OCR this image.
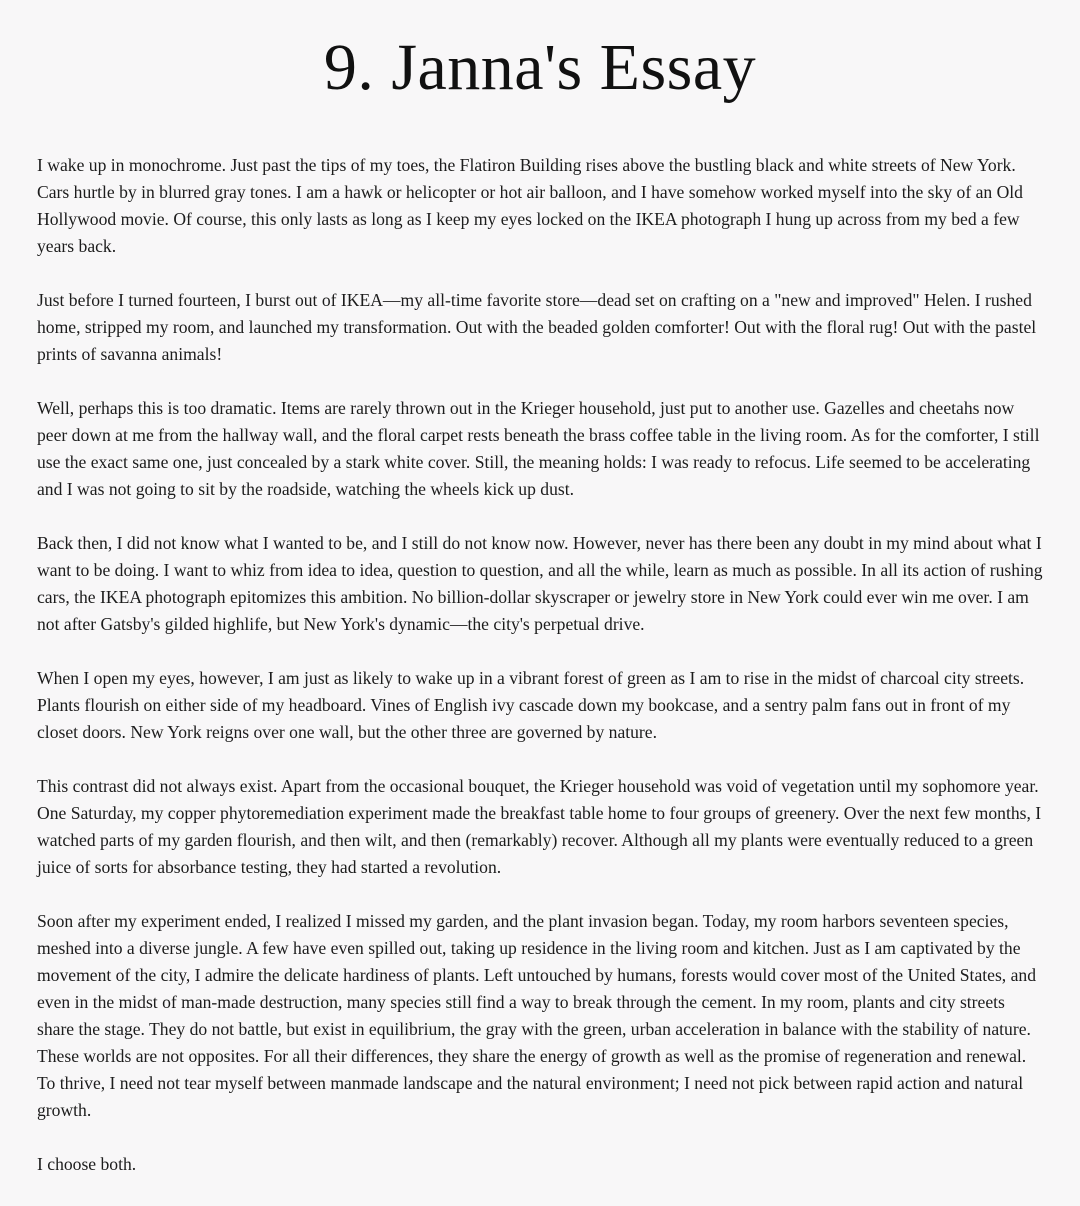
9. Janna's Essay

I wake up in monochrome. Just past the tips of my toes, the Flatiron Building rises above the bustling black and white streets of New York. Cars hurtle by in blurred gray tones. I am a hawk or helicopter or hot air balloon, and I have somehow worked myself into the sky of an Old Hollywood movie. Of course, this only lasts as long as I keep my eyes locked on the IKEA photograph I hung up across from my bed a few years back.

Just before I turned fourteen, I burst out of IKEA—my all-time favorite store—dead set on crafting on a "new and improved" Helen. I rushed home, stripped my room, and launched my transformation. Out with the beaded golden comforter! Out with the floral rug! Out with the pastel prints of savanna animals!

Well, perhaps this is too dramatic. Items are rarely thrown out in the Krieger household, just put to another use. Gazelles and cheetahs now peer down at me from the hallway wall, and the floral carpet rests beneath the brass coffee table in the living room. As for the comforter, I still use the exact same one, just concealed by a stark white cover. Still, the meaning holds: I was ready to refocus. Life seemed to be accelerating and I was not going to sit by the roadside, watching the wheels kick up dust.

Back then, I did not know what I wanted to be, and I still do not know now. However, never has there been any doubt in my mind about what I want to be doing. I want to whiz from idea to idea, question to question, and all the while, learn as much as possible. In all its action of rushing cars, the IKEA photograph epitomizes this ambition. No billion-dollar skyscraper or jewelry store in New York could ever win me over. I am not after Gatsby's gilded highlife, but New York's dynamic—the city's perpetual drive.

When I open my eyes, however, I am just as likely to wake up in a vibrant forest of green as I am to rise in the midst of charcoal city streets. Plants flourish on either side of my headboard. Vines of English ivy cascade down my bookcase, and a sentry palm fans out in front of my closet doors. New York reigns over one wall, but the other three are governed by nature.

This contrast did not always exist. Apart from the occasional bouquet, the Krieger household was void of vegetation until my sophomore year. One Saturday, my copper phytoremediation experiment made the breakfast table home to four groups of greenery. Over the next few months, I watched parts of my garden flourish, and then wilt, and then (remarkably) recover. Although all my plants were eventually reduced to a green juice of sorts for absorbance testing, they had started a revolution.

Soon after my experiment ended, I realized I missed my garden, and the plant invasion began. Today, my room harbors seventeen species, meshed into a diverse jungle. A few have even spilled out, taking up residence in the living room and kitchen. Just as I am captivated by the movement of the city, I admire the delicate hardiness of plants. Left untouched by humans, forests would cover most of the United States, and even in the midst of man-made destruction, many species still find a way to break through the cement. In my room, plants and city streets share the stage. They do not battle, but exist in equilibrium, the gray with the green, urban acceleration in balance with the stability of nature. These worlds are not opposites. For all their differences, they share the energy of growth as well as the promise of regeneration and renewal. To thrive, I need not tear myself between manmade landscape and the natural environment; I need not pick between rapid action and natural growth.

I choose both.
